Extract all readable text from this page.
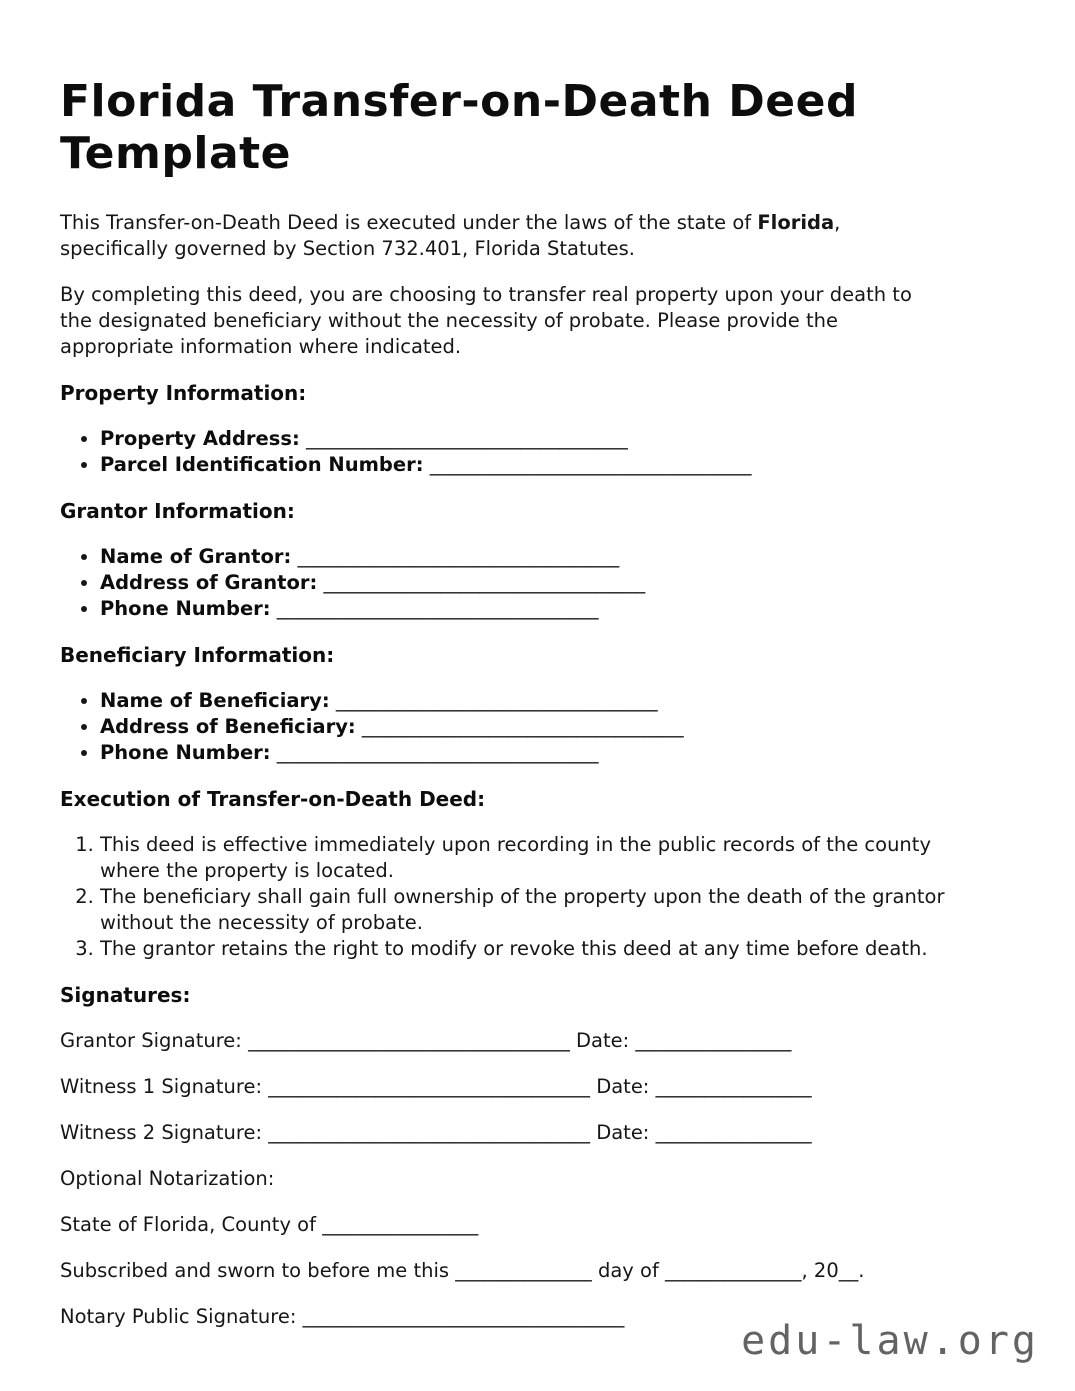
Florida Transfer-on-Death Deed Template

This Transfer-on-Death Deed is executed under the laws of the state of Florida, specifically governed by Section 732.401, Florida Statutes.

By completing this deed, you are choosing to transfer real property upon your death to the designated beneficiary without the necessity of probate. Please provide the appropriate information where indicated.

Property Information:
• Property Address: _________________________________
• Parcel Identification Number: _________________________________
Grantor Information:
• Name of Grantor: _________________________________
• Address of Grantor: _________________________________
• Phone Number: _________________________________
Beneficiary Information:
• Name of Beneficiary: _________________________________
• Address of Beneficiary: _________________________________
• Phone Number: _________________________________
Execution of Transfer-on-Death Deed:
1. This deed is effective immediately upon recording in the public records of the county where the property is located.
2. The beneficiary shall gain full ownership of the property upon the death of the grantor without the necessity of probate.
3. The grantor retains the right to modify or revoke this deed at any time before death.
Signatures:

Grantor Signature: _________________________________ Date: ________________

Witness 1 Signature: _________________________________ Date: ________________

Witness 2 Signature: _________________________________ Date: ________________

Optional Notarization:

State of Florida, County of ________________

Subscribed and sworn to before me this ______________ day of ______________, 20__.

Notary Public Signature: _________________________________

edu-law.org
